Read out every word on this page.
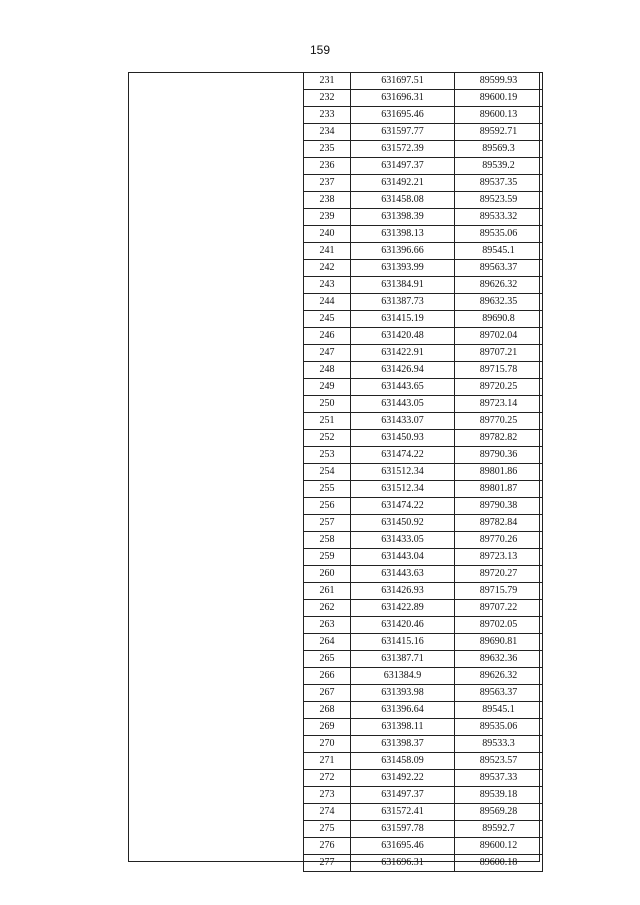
159
231	631697.51	89599.93
232	631696.31	89600.19
233	631695.46	89600.13
234	631597.77	89592.71
235	631572.39	89569.3
236	631497.37	89539.2
237	631492.21	89537.35
238	631458.08	89523.59
239	631398.39	89533.32
240	631398.13	89535.06
241	631396.66	89545.1
242	631393.99	89563.37
243	631384.91	89626.32
244	631387.73	89632.35
245	631415.19	89690.8
246	631420.48	89702.04
247	631422.91	89707.21
248	631426.94	89715.78
249	631443.65	89720.25
250	631443.05	89723.14
251	631433.07	89770.25
252	631450.93	89782.82
253	631474.22	89790.36
254	631512.34	89801.86
255	631512.34	89801.87
256	631474.22	89790.38
257	631450.92	89782.84
258	631433.05	89770.26
259	631443.04	89723.13
260	631443.63	89720.27
261	631426.93	89715.79
262	631422.89	89707.22
263	631420.46	89702.05
264	631415.16	89690.81
265	631387.71	89632.36
266	631384.9	89626.32
267	631393.98	89563.37
268	631396.64	89545.1
269	631398.11	89535.06
270	631398.37	89533.3
271	631458.09	89523.57
272	631492.22	89537.33
273	631497.37	89539.18
274	631572.41	89569.28
275	631597.78	89592.7
276	631695.46	89600.12
277	631696.31	89600.18
